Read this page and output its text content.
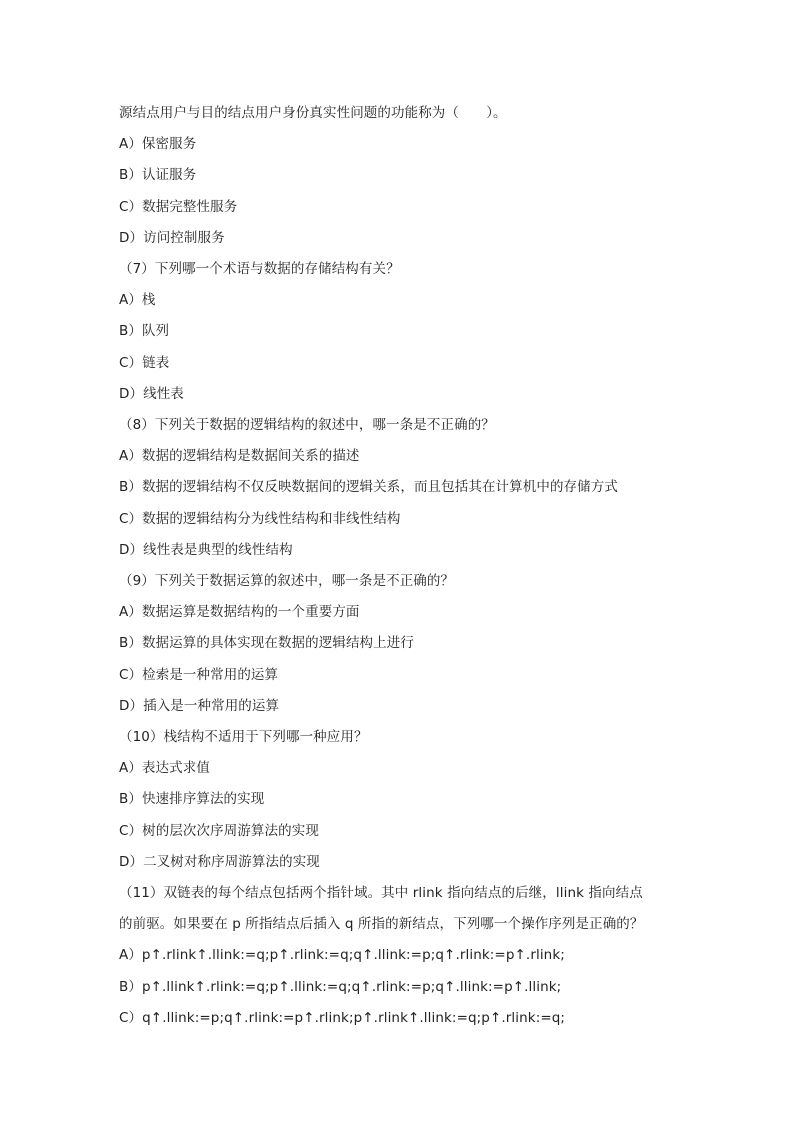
源结点用户与目的结点用户身份真实性问题的功能称为（　　）。
A）保密服务
B）认证服务
C）数据完整性服务
D）访问控制服务
（7）下列哪一个术语与数据的存储结构有关？
A）栈
B）队列
C）链表
D）线性表
（8）下列关于数据的逻辑结构的叙述中，哪一条是不正确的？
A）数据的逻辑结构是数据间关系的描述
B）数据的逻辑结构不仅反映数据间的逻辑关系，而且包括其在计算机中的存储方式
C）数据的逻辑结构分为线性结构和非线性结构
D）线性表是典型的线性结构
（9）下列关于数据运算的叙述中，哪一条是不正确的？
A）数据运算是数据结构的一个重要方面
B）数据运算的具体实现在数据的逻辑结构上进行
C）检索是一种常用的运算
D）插入是一种常用的运算
（10）栈结构不适用于下列哪一种应用？
A）表达式求值
B）快速排序算法的实现
C）树的层次次序周游算法的实现
D）二叉树对称序周游算法的实现
（11）双链表的每个结点包括两个指针域。其中 rlink 指向结点的后继，llink 指向结点
的前驱。如果要在 p 所指结点后插入 q 所指的新结点，下列哪一个操作序列是正确的？
A）p↑.rlink↑.llink:=q;p↑.rlink:=q;q↑.llink:=p;q↑.rlink:=p↑.rlink;
B）p↑.llink↑.rlink:=q;p↑.llink:=q;q↑.rlink:=p;q↑.llink:=p↑.llink;
C）q↑.llink:=p;q↑.rlink:=p↑.rlink;p↑.rlink↑.llink:=q;p↑.rlink:=q;
